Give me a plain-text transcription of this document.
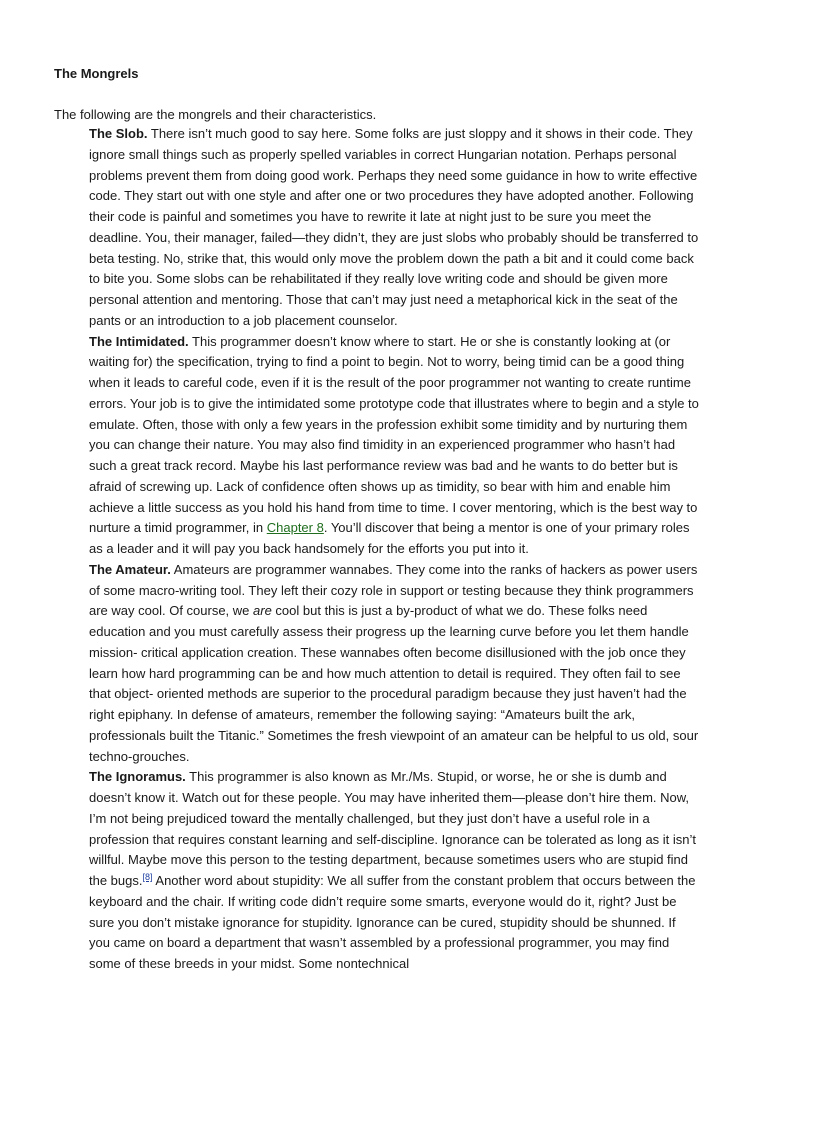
The Mongrels

The following are the mongrels and their characteristics.

The Slob. There isn’t much good to say here. Some folks are just sloppy and it shows in their code. They ignore small things such as properly spelled variables in correct Hungarian notation. Perhaps personal problems prevent them from doing good work. Perhaps they need some guidance in how to write effective code. They start out with one style and after one or two procedures they have adopted another. Following their code is painful and sometimes you have to rewrite it late at night just to be sure you meet the deadline. You, their manager, failed—they didn’t, they are just slobs who probably should be transferred to beta testing. No, strike that, this would only move the problem down the path a bit and it could come back to bite you. Some slobs can be rehabilitated if they really love writing code and should be given more personal attention and mentoring. Those that can’t may just need a metaphorical kick in the seat of the pants or an introduction to a job placement counselor.

The Intimidated. This programmer doesn’t know where to start. He or she is constantly looking at (or waiting for) the specification, trying to find a point to begin. Not to worry, being timid can be a good thing when it leads to careful code, even if it is the result of the poor programmer not wanting to create runtime errors. Your job is to give the intimidated some prototype code that illustrates where to begin and a style to emulate. Often, those with only a few years in the profession exhibit some timidity and by nurturing them you can change their nature. You may also find timidity in an experienced programmer who hasn’t had such a great track record. Maybe his last performance review was bad and he wants to do better but is afraid of screwing up. Lack of confidence often shows up as timidity, so bear with him and enable him achieve a little success as you hold his hand from time to time. I cover mentoring, which is the best way to nurture a timid programmer, in Chapter 8. You’ll discover that being a mentor is one of your primary roles as a leader and it will pay you back handsomely for the efforts you put into it.

The Amateur. Amateurs are programmer wannabes. They come into the ranks of hackers as power users of some macro-writing tool. They left their cozy role in support or testing because they think programmers are way cool. Of course, we are cool but this is just a by-product of what we do. These folks need education and you must carefully assess their progress up the learning curve before you let them handle mission- critical application creation. These wannabes often become disillusioned with the job once they learn how hard programming can be and how much attention to detail is required. They often fail to see that object- oriented methods are superior to the procedural paradigm because they just haven’t had the right epiphany. In defense of amateurs, remember the following saying: “Amateurs built the ark, professionals built the Titanic.” Sometimes the fresh viewpoint of an amateur can be helpful to us old, sour techno-grouches.

The Ignoramus. This programmer is also known as Mr./Ms. Stupid, or worse, he or she is dumb and doesn’t know it. Watch out for these people. You may have inherited them—please don’t hire them. Now, I’m not being prejudiced toward the mentally challenged, but they just don’t have a useful role in a profession that requires constant learning and self-discipline. Ignorance can be tolerated as long as it isn’t willful. Maybe move this person to the testing department, because sometimes users who are stupid find the bugs.[8] Another word about stupidity: We all suffer from the constant problem that occurs between the keyboard and the chair. If writing code didn’t require some smarts, everyone would do it, right? Just be sure you don’t mistake ignorance for stupidity. Ignorance can be cured, stupidity should be shunned. If you came on board a department that wasn’t assembled by a professional programmer, you may find some of these breeds in your midst. Some nontechnical
